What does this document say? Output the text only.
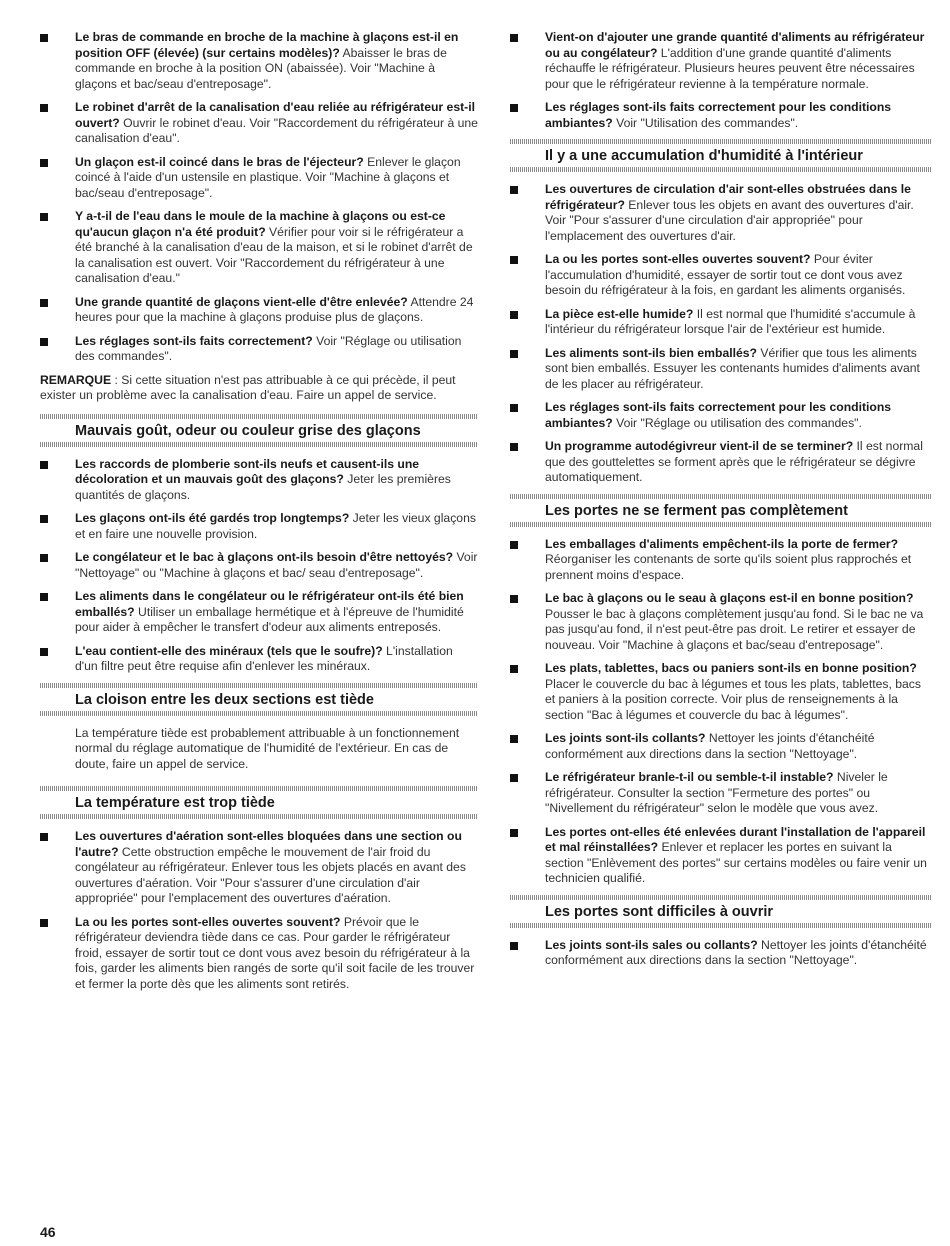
Le bras de commande en broche de la machine à glaçons est-il en position OFF (élevée) (sur certains modèles)? Abaisser le bras de commande en broche à la position ON (abaissée). Voir "Machine à glaçons et bac/seau d'entreposage".
Le robinet d'arrêt de la canalisation d'eau reliée au réfrigérateur est-il ouvert? Ouvrir le robinet d'eau. Voir "Raccordement du réfrigérateur à une canalisation d'eau".
Un glaçon est-il coincé dans le bras de l'éjecteur? Enlever le glaçon coincé à l'aide d'un ustensile en plastique. Voir "Machine à glaçons et bac/seau d'entreposage".
Y a-t-il de l'eau dans le moule de la machine à glaçons ou est-ce qu'aucun glaçon n'a été produit? Vérifier pour voir si le réfrigérateur a été branché à la canalisation d'eau de la maison, et si le robinet d'arrêt de la canalisation est ouvert. Voir "Raccordement du réfrigérateur à une canalisation d'eau."
Une grande quantité de glaçons vient-elle d'être enlevée? Attendre 24 heures pour que la machine à glaçons produise plus de glaçons.
Les réglages sont-ils faits correctement? Voir "Réglage ou utilisation des commandes".

REMARQUE : Si cette situation n'est pas attribuable à ce qui précède, il peut exister un problème avec la canalisation d'eau. Faire un appel de service.

Mauvais goût, odeur ou couleur grise des glaçons
Les raccords de plomberie sont-ils neufs et causent-ils une décoloration et un mauvais goût des glaçons? Jeter les premières quantités de glaçons.
Les glaçons ont-ils été gardés trop longtemps? Jeter les vieux glaçons et en faire une nouvelle provision.
Le congélateur et le bac à glaçons ont-ils besoin d'être nettoyés? Voir "Nettoyage" ou "Machine à glaçons et bac/ seau d'entreposage".
Les aliments dans le congélateur ou le réfrigérateur ont-ils été bien emballés? Utiliser un emballage hermétique et à l'épreuve de l'humidité pour aider à empêcher le transfert d'odeur aux aliments entreposés.
L'eau contient-elle des minéraux (tels que le soufre)? L'installation d'un filtre peut être requise afin d'enlever les minéraux.
La cloison entre les deux sections est tiède

La température tiède est probablement attribuable à un fonctionnement normal du réglage automatique de l'humidité de l'extérieur. En cas de doute, faire un appel de service.

La température est trop tiède
Les ouvertures d'aération sont-elles bloquées dans une section ou l'autre? Cette obstruction empêche le mouvement de l'air froid du congélateur au réfrigérateur. Enlever tous les objets placés en avant des ouvertures d'aération. Voir "Pour s'assurer d'une circulation d'air appropriée" pour l'emplacement des ouvertures d'aération.
La ou les portes sont-elles ouvertes souvent? Prévoir que le réfrigérateur deviendra tiède dans ce cas. Pour garder le réfrigérateur froid, essayer de sortir tout ce dont vous avez besoin du réfrigérateur à la fois, garder les aliments bien rangés de sorte qu'il soit facile de les trouver et fermer la porte dès que les aliments sont retirés.
Vient-on d'ajouter une grande quantité d'aliments au réfrigérateur ou au congélateur? L'addition d'une grande quantité d'aliments réchauffe le réfrigérateur. Plusieurs heures peuvent être nécessaires pour que le réfrigérateur revienne à la température normale.
Les réglages sont-ils faits correctement pour les conditions ambiantes? Voir "Utilisation des commandes".
Il y a une accumulation d'humidité à l'intérieur
Les ouvertures de circulation d'air sont-elles obstruées dans le réfrigérateur? Enlever tous les objets en avant des ouvertures d'air. Voir "Pour s'assurer d'une circulation d'air appropriée" pour l'emplacement des ouvertures d'air.
La ou les portes sont-elles ouvertes souvent? Pour éviter l'accumulation d'humidité, essayer de sortir tout ce dont vous avez besoin du réfrigérateur à la fois, en gardant les aliments organisés.
La pièce est-elle humide? Il est normal que l'humidité s'accumule à l'intérieur du réfrigérateur lorsque l'air de l'extérieur est humide.
Les aliments sont-ils bien emballés? Vérifier que tous les aliments sont bien emballés. Essuyer les contenants humides d'aliments avant de les placer au réfrigérateur.
Les réglages sont-ils faits correctement pour les conditions ambiantes? Voir "Réglage ou utilisation des commandes".
Un programme autodégivreur vient-il de se terminer? Il est normal que des gouttelettes se forment après que le réfrigérateur se dégivre automatiquement.
Les portes ne se ferment pas complètement
Les emballages d'aliments empêchent-ils la porte de fermer? Réorganiser les contenants de sorte qu'ils soient plus rapprochés et prennent moins d'espace.
Le bac à glaçons ou le seau à glaçons est-il en bonne position? Pousser le bac à glaçons complètement jusqu'au fond. Si le bac ne va pas jusqu'au fond, il n'est peut-être pas droit. Le retirer et essayer de nouveau. Voir "Machine à glaçons et bac/seau d'entreposage".
Les plats, tablettes, bacs ou paniers sont-ils en bonne position? Placer le couvercle du bac à légumes et tous les plats, tablettes, bacs et paniers à la position correcte. Voir plus de renseignements à la section "Bac à légumes et couvercle du bac à légumes".
Les joints sont-ils collants? Nettoyer les joints d'étanchéité conformément aux directions dans la section "Nettoyage".
Le réfrigérateur branle-t-il ou semble-t-il instable? Niveler le réfrigérateur. Consulter la section "Fermeture des portes" ou "Nivellement du réfrigérateur" selon le modèle que vous avez.
Les portes ont-elles été enlevées durant l'installation de l'appareil et mal réinstallées? Enlever et replacer les portes en suivant la section "Enlèvement des portes" sur certains modèles ou faire venir un technicien qualifié.
Les portes sont difficiles à ouvrir
Les joints sont-ils sales ou collants? Nettoyer les joints d'étanchéité conformément aux directions dans la section "Nettoyage".
46
